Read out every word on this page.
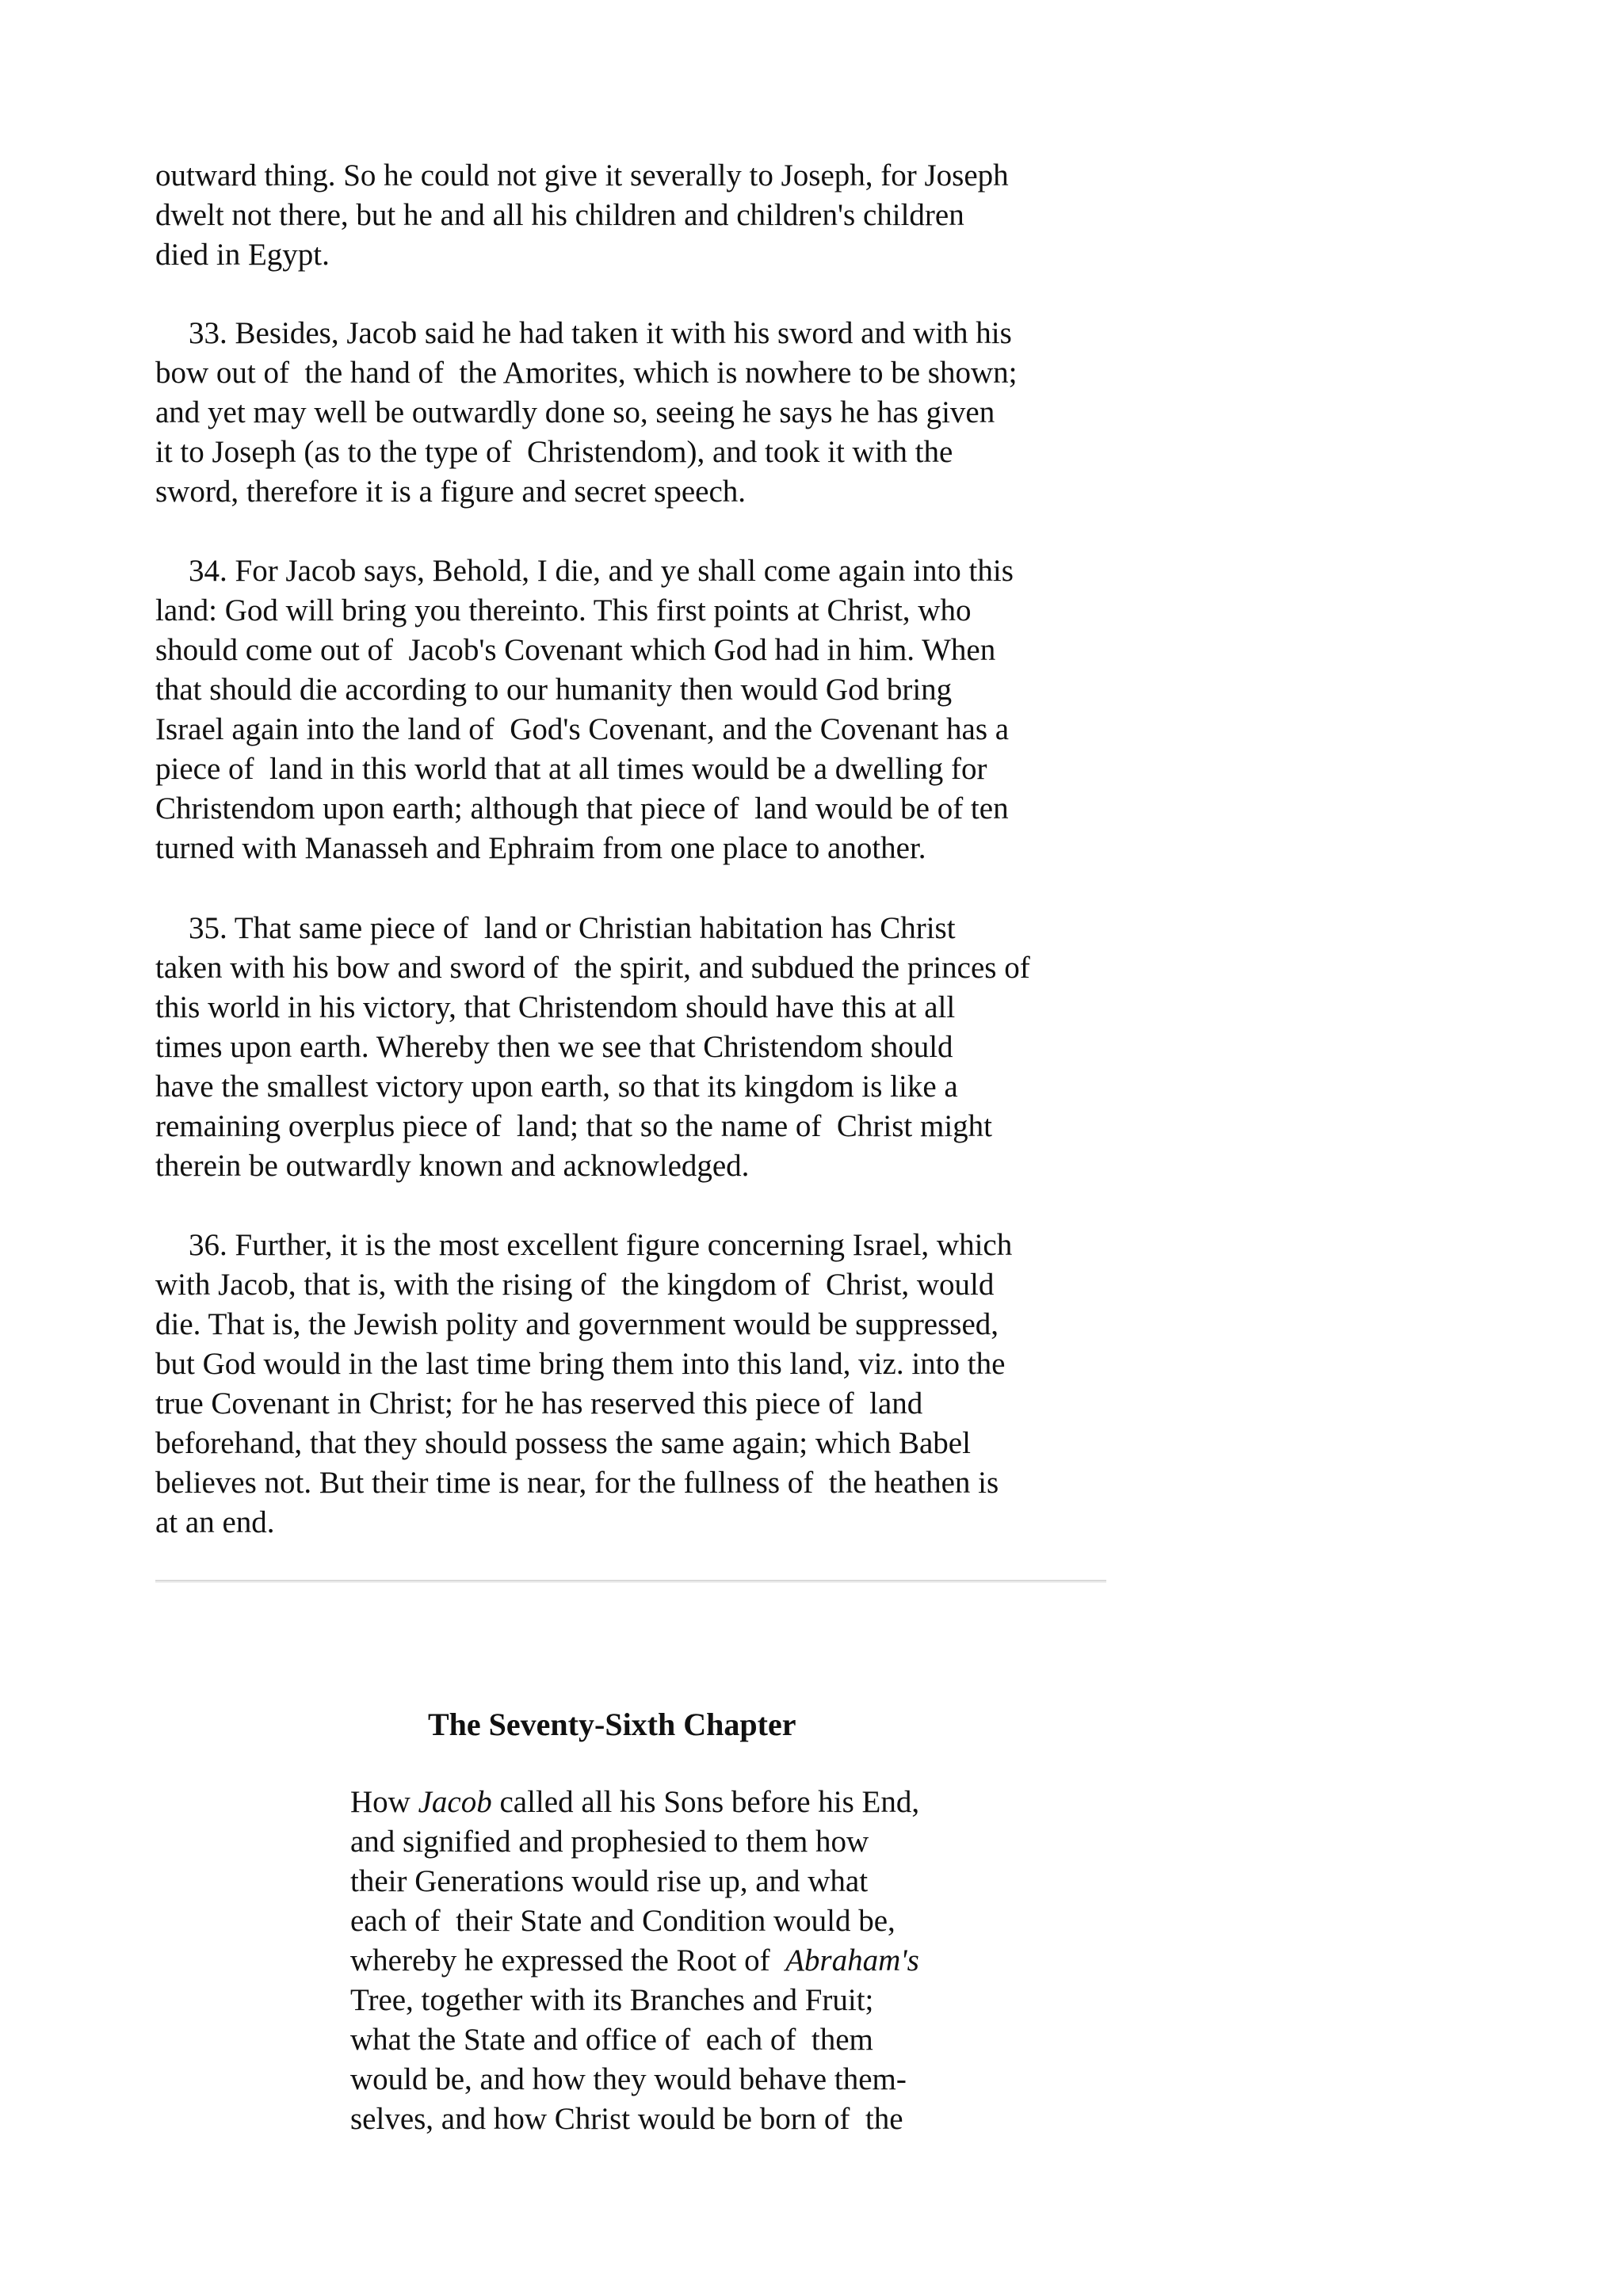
outward thing. So he could not give it severally to Joseph, for Joseph
dwelt not there, but he and all his children and children's children
died in Egypt.

33. Besides, Jacob said he had taken it with his sword and with his
bow out of  the hand of  the Amorites, which is nowhere to be shown;
and yet may well be outwardly done so, seeing he says he has given
it to Joseph (as to the type of  Christendom), and took it with the
sword, therefore it is a figure and secret speech.

34. For Jacob says, Behold, I die, and ye shall come again into this
land: God will bring you thereinto. This first points at Christ, who
should come out of  Jacob's Covenant which God had in him. When
that should die according to our humanity then would God bring
Israel again into the land of  God's Covenant, and the Covenant has a
piece of  land in this world that at all times would be a dwelling for
Christendom upon earth; although that piece of  land would be of ten
turned with Manasseh and Ephraim from one place to another.

35. That same piece of  land or Christian habitation has Christ
taken with his bow and sword of  the spirit, and subdued the princes of
this world in his victory, that Christendom should have this at all
times upon earth. Whereby then we see that Christendom should
have the smallest victory upon earth, so that its kingdom is like a
remaining overplus piece of  land; that so the name of  Christ might
therein be outwardly known and acknowledged.

36. Further, it is the most excellent figure concerning Israel, which
with Jacob, that is, with the rising of  the kingdom of  Christ, would
die. That is, the Jewish polity and government would be suppressed,
but God would in the last time bring them into this land, viz. into the
true Covenant in Christ; for he has reserved this piece of  land
beforehand, that they should possess the same again; which Babel
believes not. But their time is near, for the fullness of  the heathen is
at an end.

The Seventy-Sixth Chapter

How Jacob called all his Sons before his End,
and signified and prophesied to them how
their Generations would rise up, and what
each of  their State and Condition would be,
whereby he expressed the Root of  Abraham's
Tree, together with its Branches and Fruit;
what the State and office of  each of  them
would be, and how they would behave them-
selves, and how Christ would be born of  the
